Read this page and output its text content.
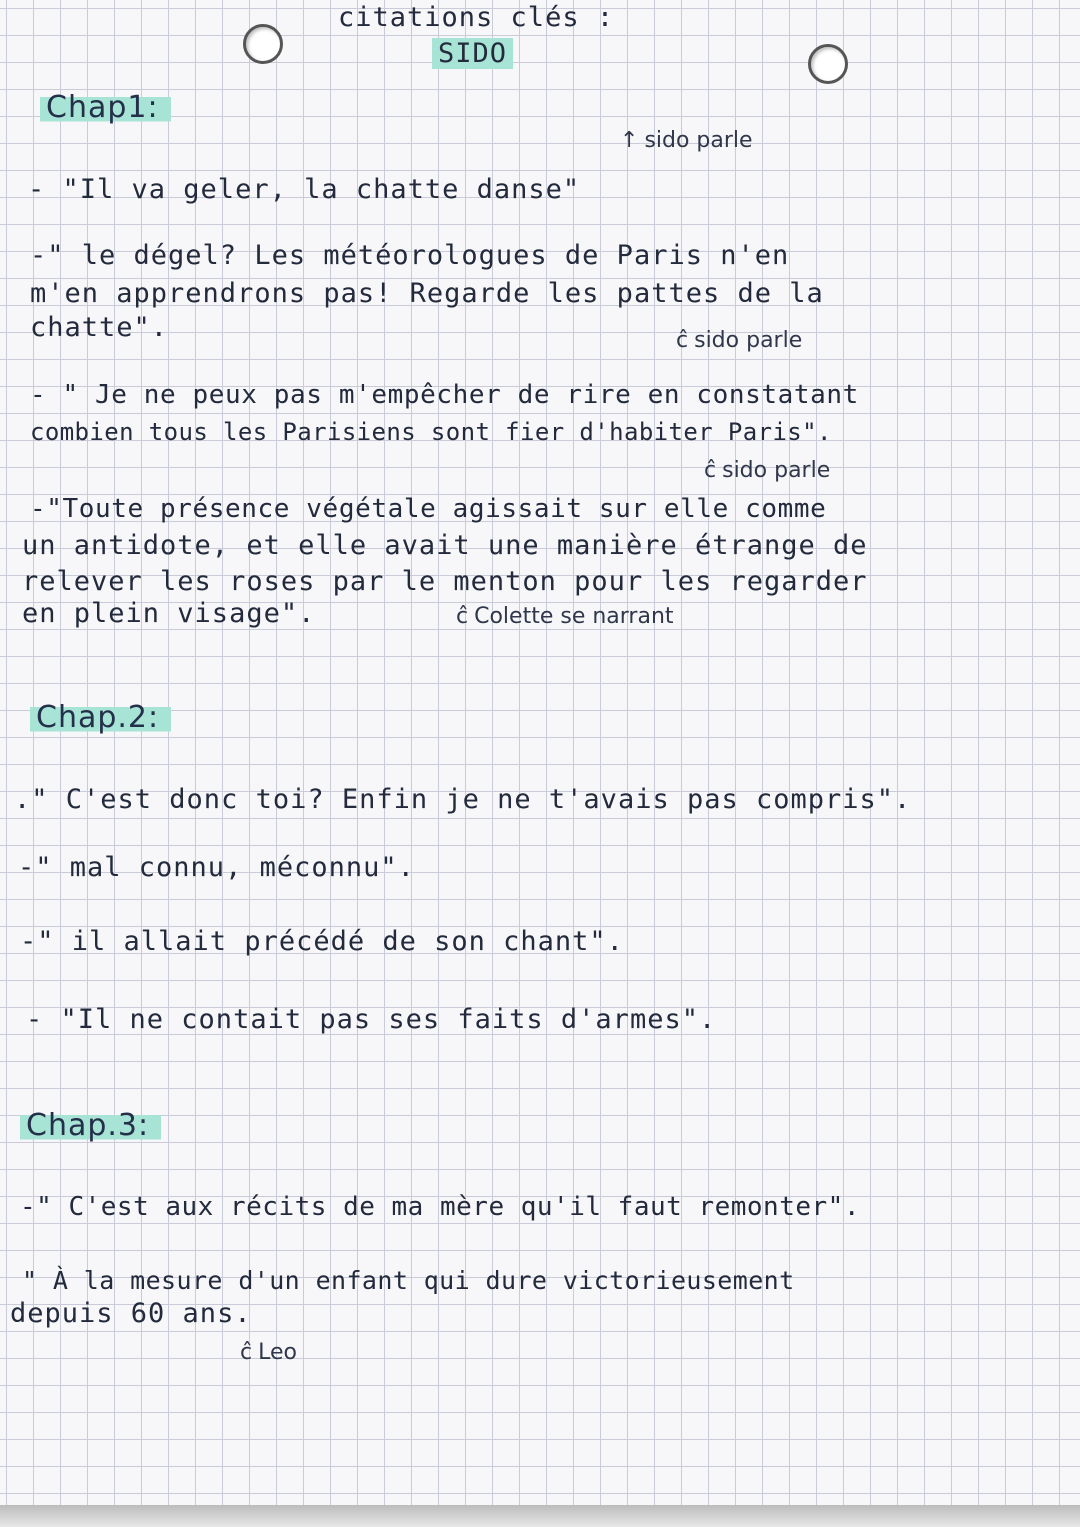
citations clés :
SIDO
Chap1:
↑ sido parle
- "Il va geler, la chatte danse"
-" le dégel? Les météorologues de Paris n'en
m'en apprendrons pas! Regarde les pattes de la
chatte".	ĉ sido parle
- " Je ne peux pas m'empêcher de rire en constatant
combien tous les Parisiens sont fier d'habiter Paris".
ĉ sido parle
-"Toute présence végétale agissait sur elle comme
un antidote, et elle avait une manière étrange de
relever les roses par le menton pour les regarder
en plein visage".	ĉ Colette se narrant
Chap.2:
." C'est donc toi? Enfin je ne t'avais pas compris".
-" mal connu, méconnu".
-" il allait précédé de son chant".
- "Il ne contait pas ses faits d'armes".
Chap.3:
-" C'est aux récits de ma mère qu'il faut remonter".
" À la mesure d'un enfant qui dure victorieusement
depuis 60 ans.
ĉ Leo
